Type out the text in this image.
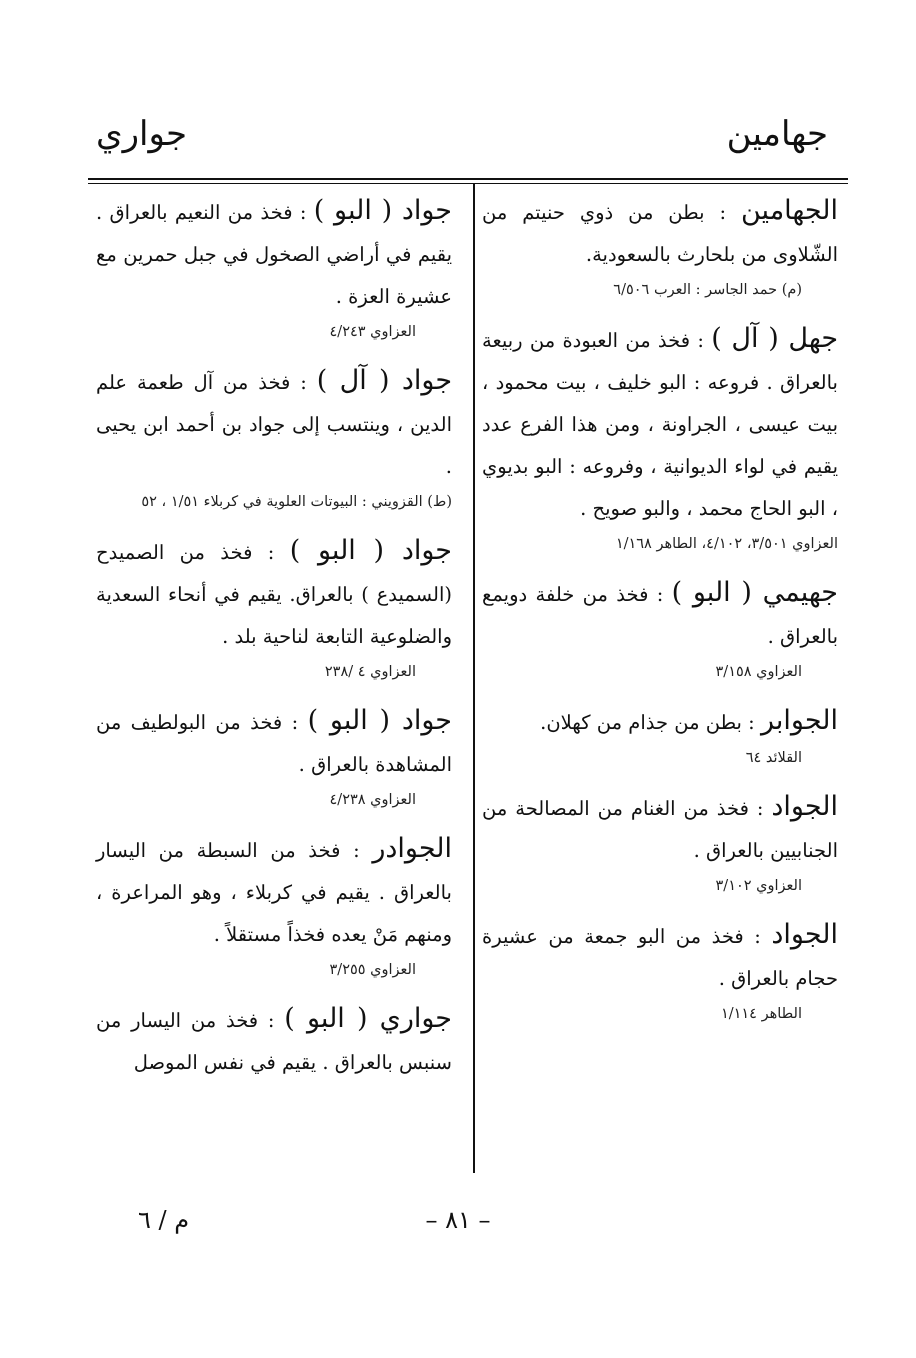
جهامين
جواري
الجهامين : بطن من ذوي حنيتم من الشّلاوى من بلحارث بالسعودية.
(م) حمد الجاسر : العرب ٦/٥٠٦
جهل ( آل ) : فخذ من العبودة من ربيعة بالعراق . فروعه : البو خليف ، بيت محمود ، بيت عيسى ، الجراونة ، ومن هذا الفرع عدد يقيم في لواء الديوانية ، وفروعه : البو بديوي ، البو الحاج محمد ، والبو صويح .
العزاوي ٣/٥٠١، ٤/١٠٢، الطاهر ١/١٦٨
جهيمي ( البو ) : فخذ من خلفة دويمع بالعراق .
العزاوي ٣/١٥٨
الجوابر : بطن من جذام من كهلان.
القلائد ٦٤
الجواد : فخذ من الغنام من المصالحة من الجنابيين بالعراق .
العزاوي ٣/١٠٢
الجواد : فخذ من البو جمعة من عشيرة حجام بالعراق .
الطاهر ١/١١٤
جواد ( البو ) : فخذ من النعيم بالعراق . يقيم في أراضي الصخول في جبل حمرين مع عشيرة العزة .
العزاوي ٤/٢٤٣
جواد ( آل ) : فخذ من آل طعمة علم الدين ، وينتسب إلى جواد بن أحمد ابن يحيى .
(ط) القزويني : البيوتات العلوية في كربلاء ١/٥١ ، ٥٢
جواد ( البو ) : فخذ من الصميدح (السميدع ) بالعراق. يقيم في أنحاء السعدية والضلوعية التابعة لناحية بلد .
العزاوي ٤ /٢٣٨
جواد ( البو ) : فخذ من البولطيف من المشاهدة بالعراق .
العزاوي ٤/٢٣٨
الجوادر : فخذ من السبطة من اليسار بالعراق . يقيم في كربلاء ، وهو المراعرة ، ومنهم مَنْ يعده فخذاً مستقلاً .
العزاوي ٣/٢٥٥
جواري ( البو ) : فخذ من اليسار من سنبس بالعراق . يقيم في نفس الموصل
– ٨١ –
م / ٦
